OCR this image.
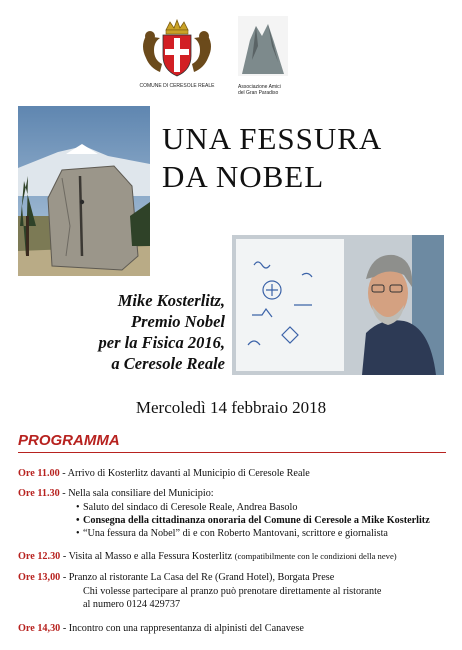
COMUNE DI CERESOLE REALE	Associazione Amici
del Gran Paradiso
UNA FESSURA
DA NOBEL
Mike Kosterlitz,
Premio Nobel
per la Fisica 2016,
a Ceresole Reale
Mercoledì 14 febbraio 2018
PROGRAMMA
Ore 11.00 - Arrivo di Kosterlitz davanti al Municipio di Ceresole Reale
Ore 11.30 - Nella sala consiliare del Municipio:
• Saluto del sindaco di Ceresole Reale, Andrea Basolo
• Consegna della cittadinanza onoraria del Comune di Ceresole a Mike Kosterlitz
• “Una fessura da Nobel” di e con Roberto Mantovani, scrittore e giornalista
Ore 12.30 - Visita al Masso e alla Fessura Kosterlitz (compatibilmente con le condizioni della neve)
Ore 13,00 - Pranzo al ristorante La Casa del Re (Grand Hotel), Borgata Prese
Chi volesse partecipare al pranzo può prenotare direttamente al ristorante
al numero 0124 429737
Ore 14,30 - Incontro con una rappresentanza di alpinisti del Canavese
